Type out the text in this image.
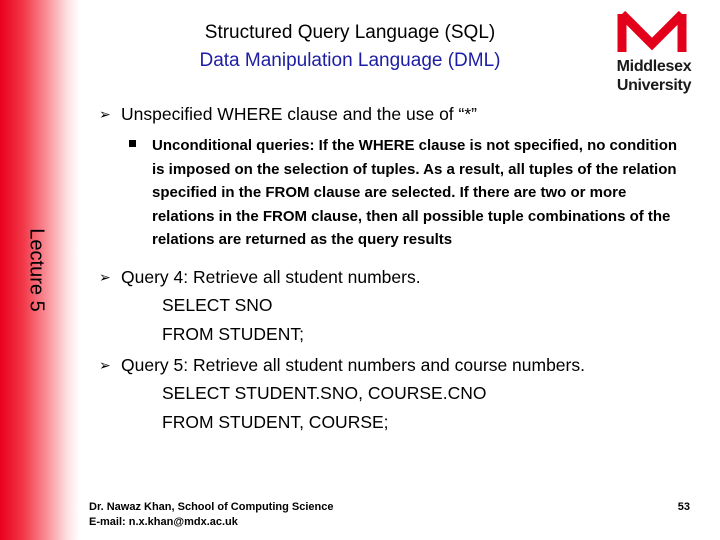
Lecture 5
Structured Query Language (SQL)
Data Manipulation Language (DML)	Middlesex
University
➢ Unspecified WHERE clause and the use of “*”
Unconditional queries: If the WHERE clause is not specified, no condition is imposed on the selection of tuples. As a result, all tuples of the relation specified in the FROM clause are selected. If there are two or more relations in the FROM clause, then all possible tuple combinations of the relations are returned as the query results
➢ Query 4: Retrieve all student numbers.
SELECT SNO
FROM STUDENT;
➢ Query 5: Retrieve all student numbers and course numbers.
SELECT STUDENT.SNO, COURSE.CNO
FROM STUDENT, COURSE;
Dr. Nawaz Khan, School of Computing Science
E-mail: n.x.khan@mdx.ac.uk
53
